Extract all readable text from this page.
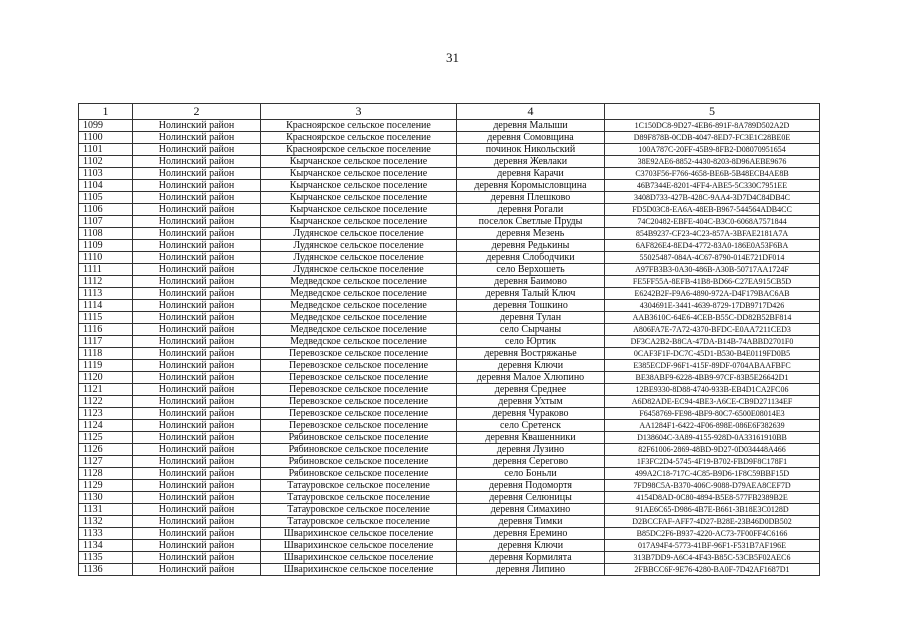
31
1	2	3	4	5
1099	Нолинский район	Красноярское сельское поселение	деревня Малыши	1C150DC8-9D27-4EB6-891F-8A789D502A2D
1100	Нолинский район	Красноярское сельское поселение	деревня Сомовщина	D89F878B-0CDB-4047-8ED7-FC3E1C28BE0E
1101	Нолинский район	Красноярское сельское поселение	починок Никольский	100A787C-20FF-45B9-8FB2-D08070951654
1102	Нолинский район	Кырчанское сельское поселение	деревня Жевлаки	38E92AE6-8852-4430-8203-8D96AEBE9676
1103	Нолинский район	Кырчанское сельское поселение	деревня Карачи	C3703F56-F766-4658-BE6B-5B48ECB4AE8B
1104	Нолинский район	Кырчанское сельское поселение	деревня Коромысловщина	46B7344E-8201-4FF4-ABE5-5C330C7951EE
1105	Нолинский район	Кырчанское сельское поселение	деревня Плешково	3408D733-427B-428C-9AA4-3D7D4C84DB4C
1106	Нолинский район	Кырчанское сельское поселение	деревня Рогали	FD5D03C8-EA6A-48EB-B967-544564ADB4CC
1107	Нолинский район	Кырчанское сельское поселение	поселок Светлые Пруды	74C20482-EBFE-404C-B3C0-6068A7571844
1108	Нолинский район	Лудянское сельское поселение	деревня Мезень	854B9237-CF23-4C23-857A-3BFAE2181A7A
1109	Нолинский район	Лудянское сельское поселение	деревня Редькины	6AF826E4-8ED4-4772-83A0-186E0A53F6BA
1110	Нолинский район	Лудянское сельское поселение	деревня Слободчики	55025487-084A-4C67-8790-014E721DF014
1111	Нолинский район	Лудянское сельское поселение	село Верхошеть	A97FB3B3-0A30-486B-A30B-50717AA1724F
1112	Нолинский район	Медведское сельское поселение	деревня Баимово	FE5FF55A-8EFB-41B8-BD66-C27EA915CB5D
1113	Нолинский район	Медведское сельское поселение	деревня Талый Ключ	E6242B2F-F9A6-4890-972A-D4F179BAC6AB
1114	Нолинский район	Медведское сельское поселение	деревня Тошкино	4304691E-3441-4639-8729-17DB9717D426
1115	Нолинский район	Медведское сельское поселение	деревня Тулан	AAB3610C-64E6-4CEB-B55C-DD82B52BF814
1116	Нолинский район	Медведское сельское поселение	село Сырчаны	A806FA7E-7A72-4370-BFDC-E0AA7211CED3
1117	Нолинский район	Медведское сельское поселение	село Юртик	DF3CA2B2-B8CA-47DA-B14B-74ABBD2701F0
1118	Нолинский район	Перевозское сельское поселение	деревня Востряжанье	0CAF3F1F-DC7C-45D1-B530-B4E0119FD0B5
1119	Нолинский район	Перевозское сельское поселение	деревня Ключи	E385ECDF-96F1-415F-89DF-0704ABAAFBFC
1120	Нолинский район	Перевозское сельское поселение	деревня Малое Хлюпино	BE38ABF9-6228-4BB9-97CF-83B5E26642D1
1121	Нолинский район	Перевозское сельское поселение	деревня Среднее	12BE9330-8D88-4740-933B-EB4D1CA2FC06
1122	Нолинский район	Перевозское сельское поселение	деревня Ухтым	A6D82ADE-EC94-4BE3-A6CE-CB9D271134EF
1123	Нолинский район	Перевозское сельское поселение	деревня Чураково	F6458769-FE98-4BF9-80C7-6500E08014E3
1124	Нолинский район	Перевозское сельское поселение	село Сретенск	AA1284F1-6422-4F06-898E-086E6F382639
1125	Нолинский район	Рябиновское сельское поселение	деревня Квашенники	D138604C-3A89-4155-928D-0A33161910BB
1126	Нолинский район	Рябиновское сельское поселение	деревня Лузино	82F61006-2869-48BD-9D27-0D034448A466
1127	Нолинский район	Рябиновское сельское поселение	деревня Серегово	1F3FC2D4-5745-4F19-B702-FBD9F8C178F1
1128	Нолинский район	Рябиновское сельское поселение	село Боньли	499A2C18-717C-4C85-B9D6-1F8C59BBF15D
1129	Нолинский район	Татауровское сельское поселение	деревня Подомортя	7FD98C5A-B370-406C-9088-D79AEA8CEF7D
1130	Нолинский район	Татауровское сельское поселение	деревня Селюницы	4154D8AD-0C80-4894-B5E8-577FB2389B2E
1131	Нолинский район	Татауровское сельское поселение	деревня Симахино	91AE6C65-D986-4B7E-B661-3B18E3C0128D
1132	Нолинский район	Татауровское сельское поселение	деревня Тимки	D2BCCFAF-AFF7-4D27-B28E-23B46D0DB502
1133	Нолинский район	Шварихинское сельское поселение	деревня Еремино	B85DC2F6-B937-4220-AC73-7F00FF4C6166
1134	Нолинский район	Шварихинское сельское поселение	деревня Ключи	017A94F4-5773-41BF-96F1-F531B7AF196E
1135	Нолинский район	Шварихинское сельское поселение	деревня Кормилята	313B7DD9-A6C4-4F43-B85C-53CB5F02AEC6
1136	Нолинский район	Шварихинское сельское поселение	деревня Липино	2FBBCC6F-9E76-4280-BA0F-7D42AF1687D1
